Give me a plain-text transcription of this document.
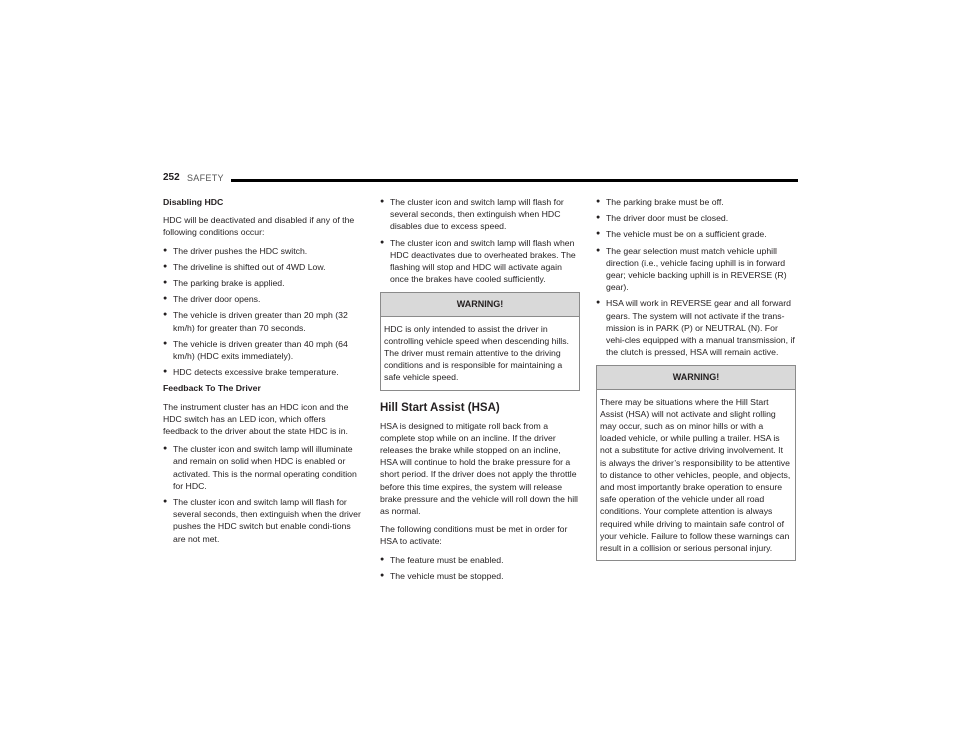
252 SAFETY

Disabling HDC

HDC will be deactivated and disabled if any of the following conditions occur:

● The driver pushes the HDC switch.
● The driveline is shifted out of 4WD Low.
● The parking brake is applied.
● The driver door opens.
● The vehicle is driven greater than 20 mph (32 km/h) for greater than 70 seconds.
● The vehicle is driven greater than 40 mph (64 km/h) (HDC exits immediately).
● HDC detects excessive brake temperature.

Feedback To The Driver

The instrument cluster has an HDC icon and the HDC switch has an LED icon, which offers feedback to the driver about the state HDC is in.

● The cluster icon and switch lamp will illuminate and remain on solid when HDC is enabled or activated. This is the normal operating condition for HDC.
● The cluster icon and switch lamp will flash for several seconds, then extinguish when the driver pushes the HDC switch but enable condi-tions are not met.
● The cluster icon and switch lamp will flash for several seconds, then extinguish when HDC disables due to excess speed.
● The cluster icon and switch lamp will flash when HDC deactivates due to overheated brakes. The flashing will stop and HDC will activate again once the brakes have cooled sufficiently.
WARNING!
HDC is only intended to assist the driver in controlling vehicle speed when descending hills. The driver must remain attentive to the driving conditions and is responsible for maintaining a safe vehicle speed.
Hill Start Assist (HSA)

HSA is designed to mitigate roll back from a complete stop while on an incline. If the driver releases the brake while stopped on an incline, HSA will continue to hold the brake pressure for a short period. If the driver does not apply the throttle before this time expires, the system will release brake pressure and the vehicle will roll down the hill as normal.

The following conditions must be met in order for HSA to activate:

● The feature must be enabled.
● The vehicle must be stopped.
● The parking brake must be off.
● The driver door must be closed.
● The vehicle must be on a sufficient grade.
● The gear selection must match vehicle uphill direction (i.e., vehicle facing uphill is in forward gear; vehicle backing uphill is in REVERSE (R) gear).
● HSA will work in REVERSE gear and all forward gears. The system will not activate if the trans-mission is in PARK (P) or NEUTRAL (N). For vehi-cles equipped with a manual transmission, if the clutch is pressed, HSA will remain active.
WARNING!
There may be situations where the Hill Start Assist (HSA) will not activate and slight rolling may occur, such as on minor hills or with a loaded vehicle, or while pulling a trailer. HSA is not a substitute for active driving involvement. It is always the driver’s responsibility to be attentive to distance to other vehicles, people, and objects, and most importantly brake operation to ensure safe operation of the vehicle under all road conditions. Your complete attention is always required while driving to maintain safe control of your vehicle. Failure to follow these warnings can result in a collision or serious personal injury.
